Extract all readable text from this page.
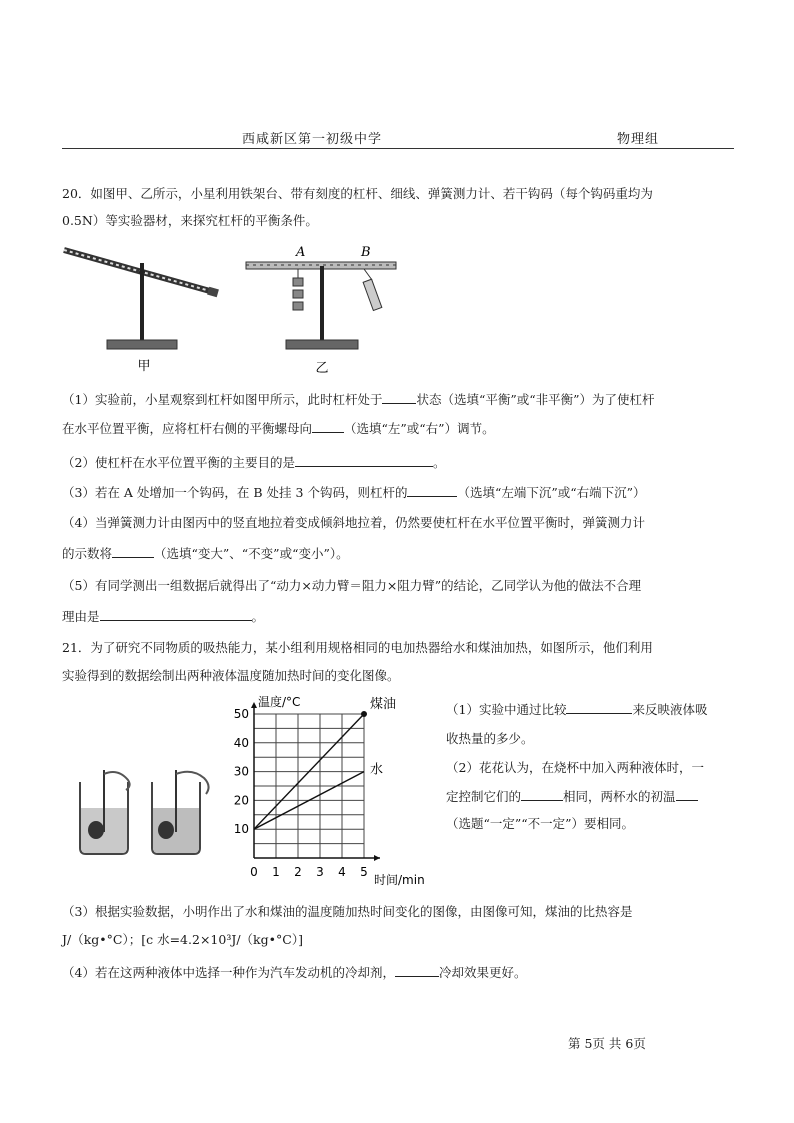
西咸新区第一初级中学	物理组
20．如图甲、乙所示，小星利用铁架台、带有刻度的杠杆、细线、弹簧测力计、若干钩码（每个钩码重均为
0.5N）等实验器材，来探究杠杆的平衡条件。
甲
A	B
乙
（1）实验前，小星观察到杠杆如图甲所示，此时杠杆处于	状态（选填“平衡”或“非平衡”）为了使杠杆
在水平位置平衡，应将杠杆右侧的平衡螺母向	（选填“左”或“右”）调节。
（2）使杠杆在水平位置平衡的主要目的是	。
（3）若在 A 处增加一个钩码，在 B 处挂 3 个钩码，则杠杆的	（选填“左端下沉”或“右端下沉”）
（4）当弹簧测力计由图丙中的竖直地拉着变成倾斜地拉着，仍然要使杠杆在水平位置平衡时，弹簧测力计
的示数将	（选填“变大”、“不变”或“变小”）。
（5）有同学测出一组数据后就得出了“动力×动力臂＝阻力×阻力臂”的结论，乙同学认为他的做法不合理
理由是	。
21．为了研究不同物质的吸热能力，某小组利用规格相同的电加热器给水和煤油加热，如图所示，他们利用
实验得到的数据绘制出两种液体温度随加热时间的变化图像。
0 1 2 3 4 5
10
20
30
40
50
煤油
水
温度/°C
时间/min
（1）实验中通过比较	来反映液体吸
收热量的多少。
（2）花花认为，在烧杯中加入两种液体时，一
定控制它们的	相同，两杯水的初温
（选题“一定”“不一定”）要相同。
（3）根据实验数据，小明作出了水和煤油的温度随加热时间变化的图像，由图像可知，煤油的比热容是
J/（kg•°C）；[c 水=4.2×10³J/（kg•°C）]
（4）若在这两种液体中选择一种作为汽车发动机的冷却剂，	冷却效果更好。
第 5页 共 6页
